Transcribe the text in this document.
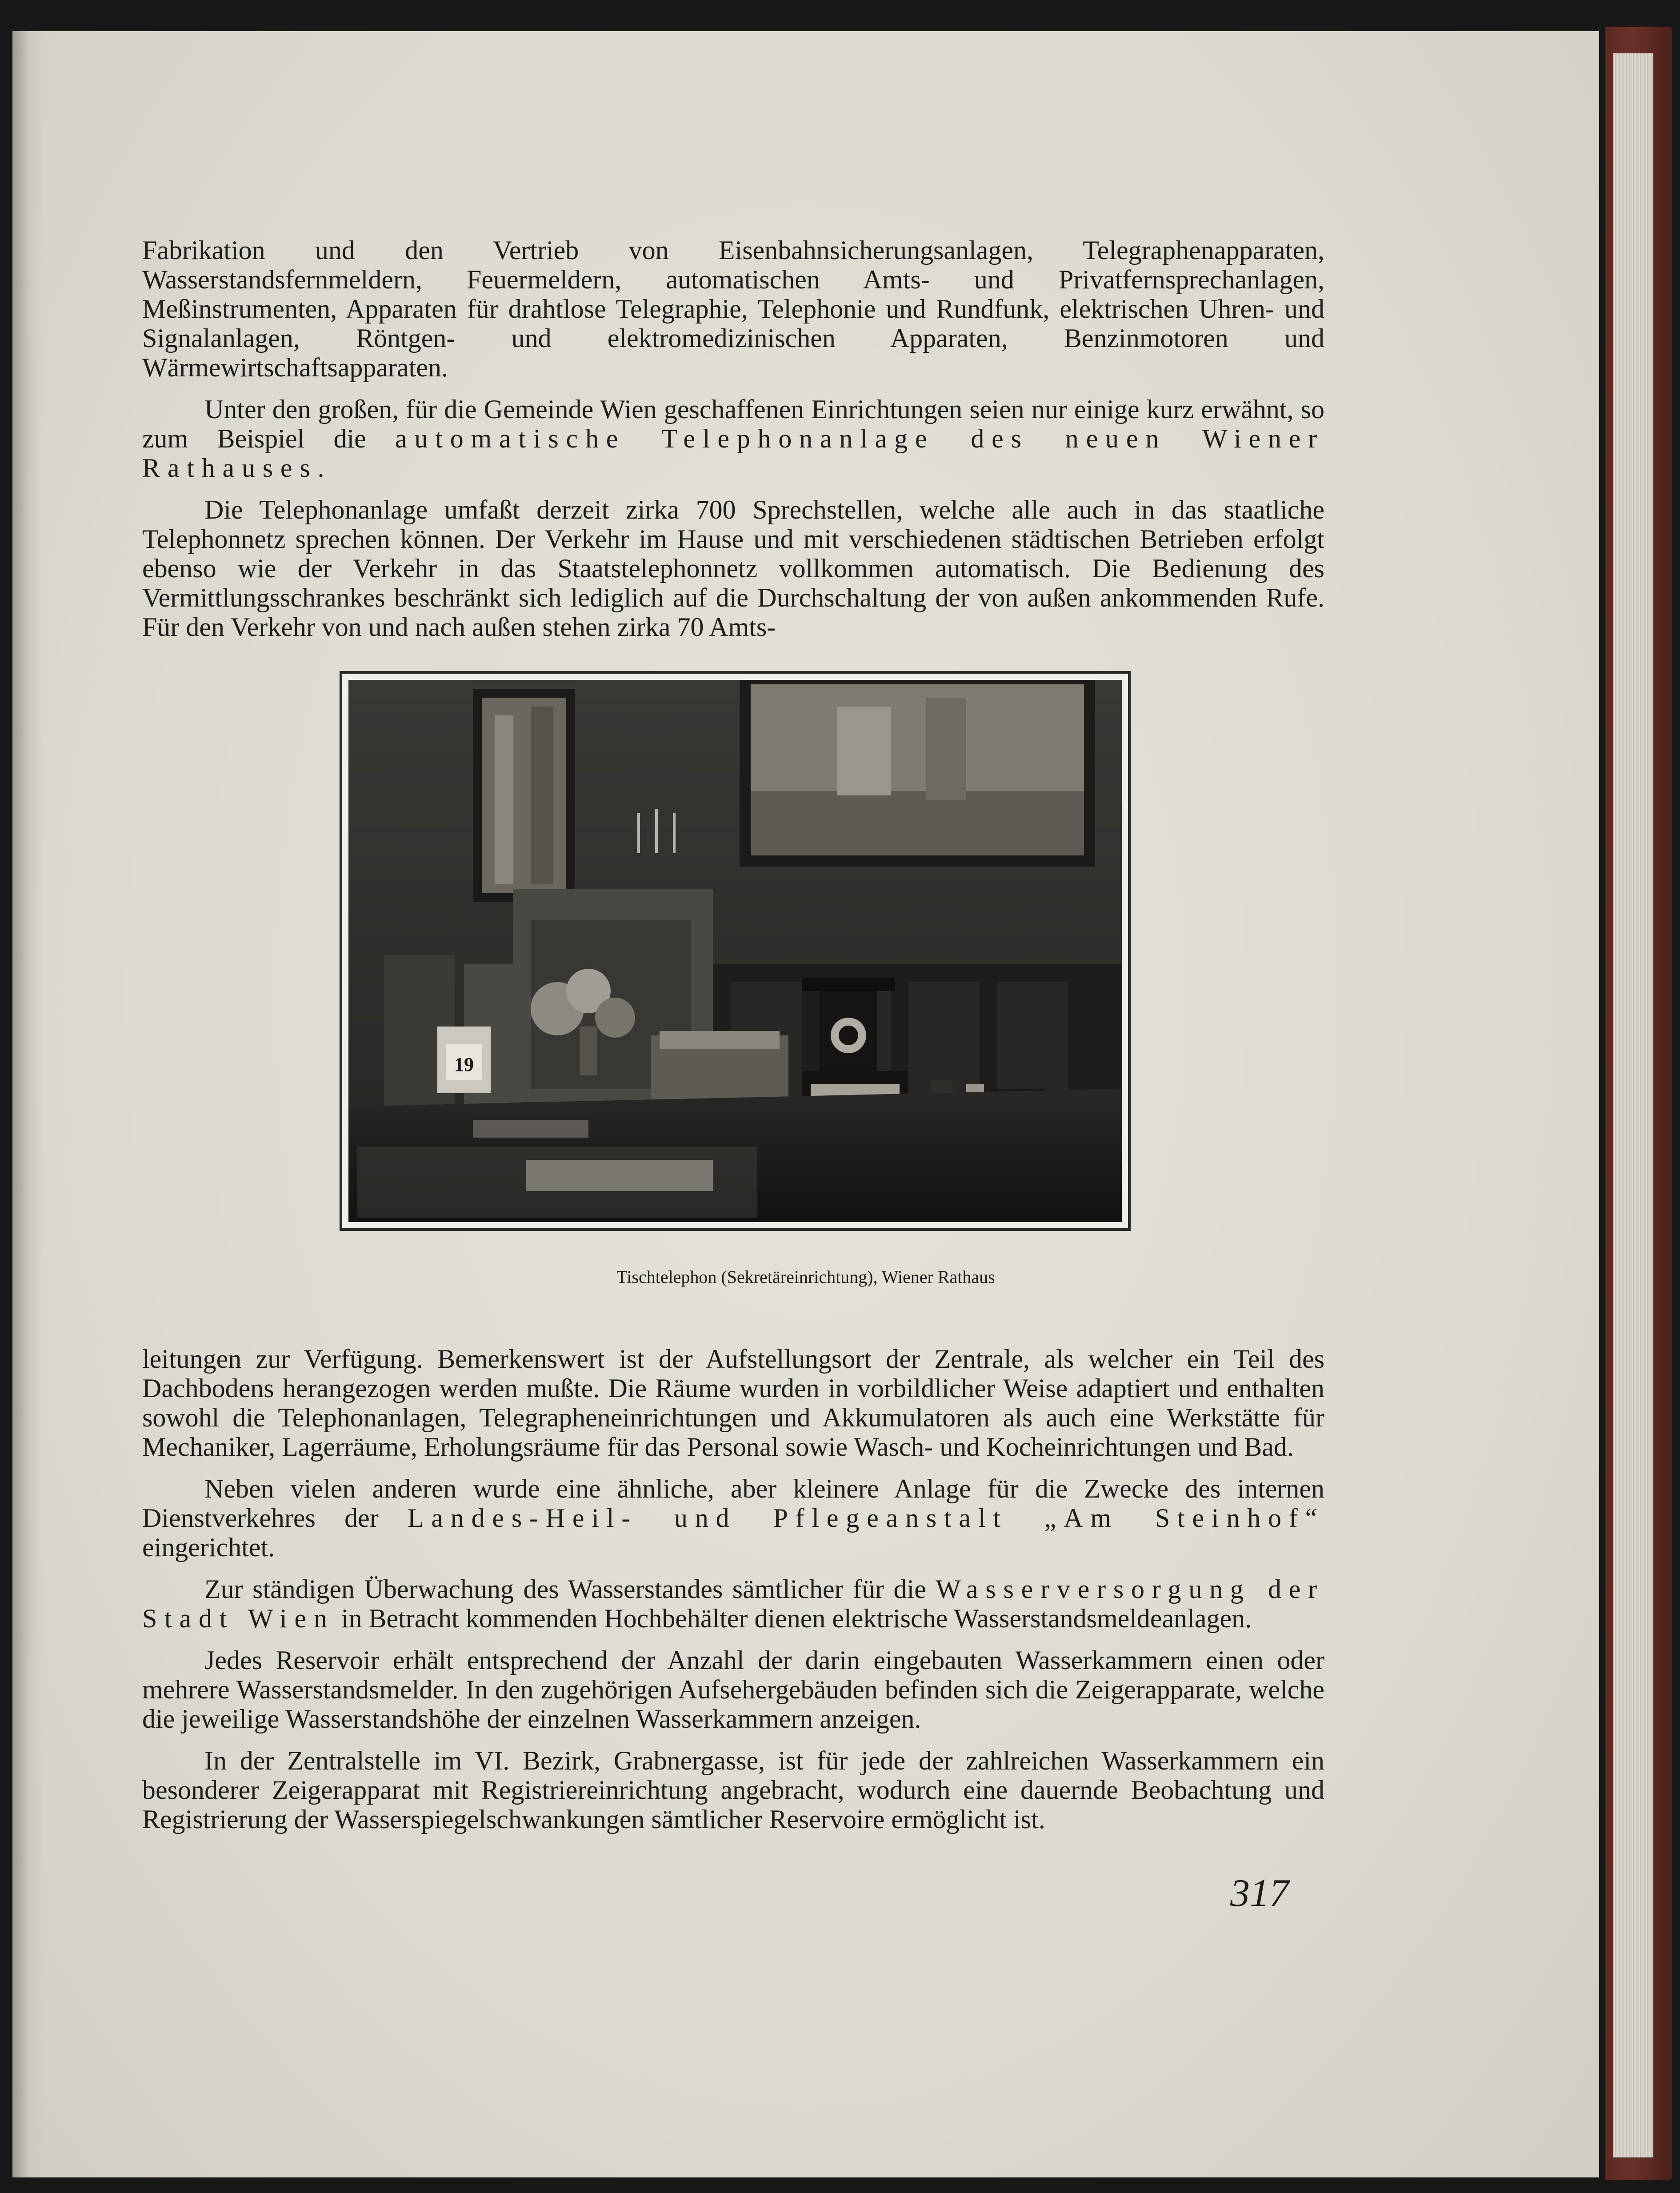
Fabrikation und den Vertrieb von Eisenbahnsicherungsanlagen, Telegraphenapparaten, Wasserstandsfernmeldern, Feuermeldern, automatischen Amts- und Privatfernsprechanlagen, Meßinstrumenten, Apparaten für drahtlose Telegraphie, Telephonie und Rundfunk, elektrischen Uhren- und Signalanlagen, Röntgen- und elektromedizinischen Apparaten, Benzinmotoren und Wärmewirtschaftsapparaten.

Unter den großen, für die Gemeinde Wien geschaffenen Einrichtungen seien nur einige kurz erwähnt, so zum Beispiel die automatische Telephonanlage des neuen Wiener Rathauses.

Die Telephonanlage umfaßt derzeit zirka 700 Sprechstellen, welche alle auch in das staatliche Telephonnetz sprechen können. Der Verkehr im Hause und mit verschiedenen städtischen Betrieben erfolgt ebenso wie der Verkehr in das Staatstelephonnetz vollkommen automatisch. Die Bedienung des Vermittlungsschrankes beschränkt sich lediglich auf die Durchschaltung der von außen ankommenden Rufe. Für den Verkehr von und nach außen stehen zirka 70 Amts-

19
Tischtelephon (Sekretäreinrichtung), Wiener Rathaus

leitungen zur Verfügung. Bemerkenswert ist der Aufstellungsort der Zentrale, als welcher ein Teil des Dachbodens herangezogen werden mußte. Die Räume wurden in vorbildlicher Weise adaptiert und enthalten sowohl die Telephonanlagen, Telegrapheneinrichtungen und Akkumulatoren als auch eine Werkstätte für Mechaniker, Lagerräume, Erholungsräume für das Personal sowie Wasch- und Kocheinrichtungen und Bad.

Neben vielen anderen wurde eine ähnliche, aber kleinere Anlage für die Zwecke des internen Dienstverkehres der Landes-Heil- und Pflegeanstalt „Am Steinhof“ eingerichtet.

Zur ständigen Überwachung des Wasserstandes sämtlicher für die Wasserversorgung der Stadt Wien in Betracht kommenden Hochbehälter dienen elektrische Wasserstandsmeldeanlagen.

Jedes Reservoir erhält entsprechend der Anzahl der darin eingebauten Wasserkammern einen oder mehrere Wasserstandsmelder. In den zugehörigen Aufsehergebäuden befinden sich die Zeigerapparate, welche die jeweilige Wasserstandshöhe der einzelnen Wasserkammern anzeigen.

In der Zentralstelle im VI. Bezirk, Grabnergasse, ist für jede der zahlreichen Wasserkammern ein besonderer Zeigerapparat mit Registriereinrichtung angebracht, wodurch eine dauernde Beobachtung und Registrierung der Wasserspiegelschwankungen sämtlicher Reservoire ermöglicht ist.

317
